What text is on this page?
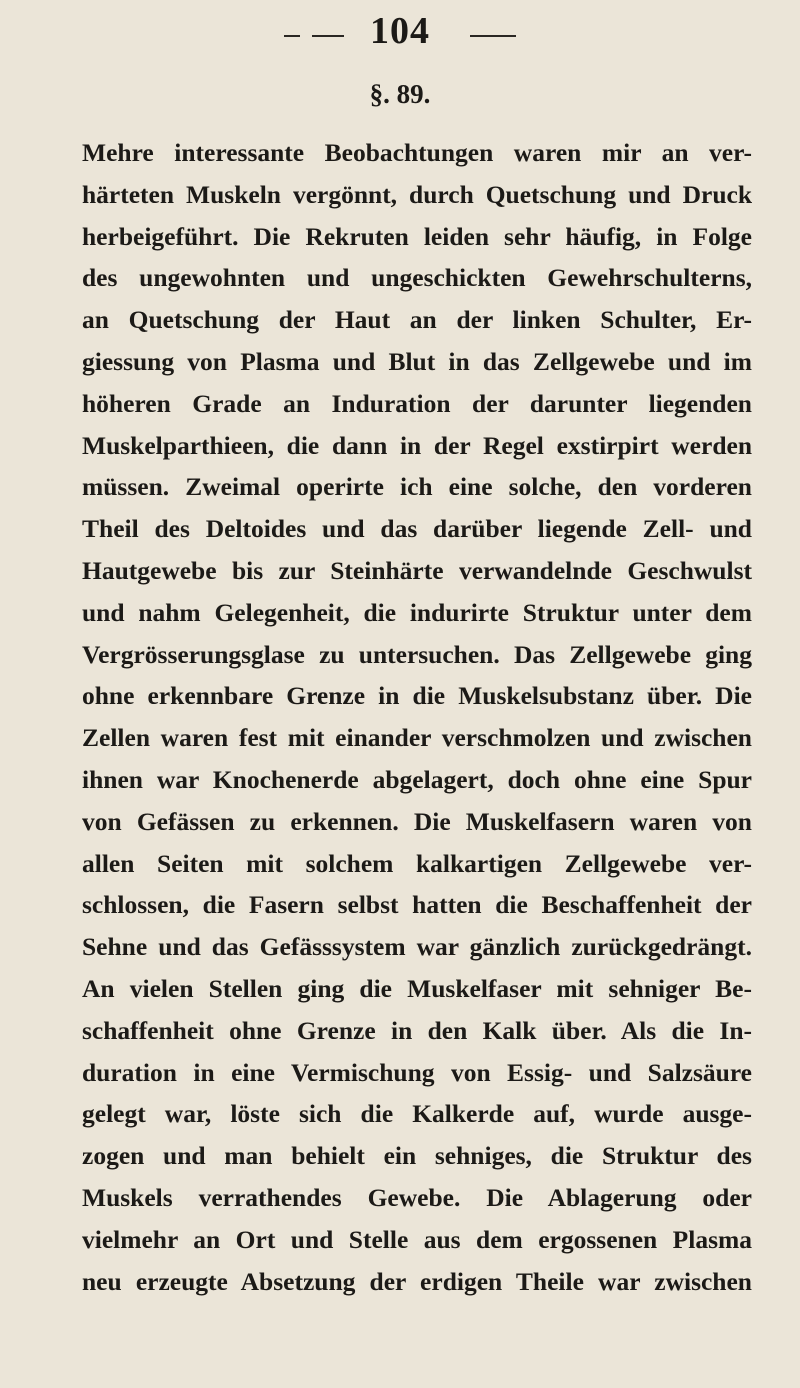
104
§. 89.
Mehre interessante Beobachtungen waren mir an ver-
härteten Muskeln vergönnt, durch Quetschung und Druck
herbeigeführt. Die Rekruten leiden sehr häufig, in Folge
des ungewohnten und ungeschickten Gewehrschulterns,
an Quetschung der Haut an der linken Schulter, Er-
giessung von Plasma und Blut in das Zellgewebe und im
höheren Grade an Induration der darunter liegenden
Muskelparthieen, die dann in der Regel exstirpirt werden
müssen. Zweimal operirte ich eine solche, den vorderen
Theil des Deltoides und das darüber liegende Zell- und
Hautgewebe bis zur Steinhärte verwandelnde Geschwulst
und nahm Gelegenheit, die indurirte Struktur unter dem
Vergrösserungsglase zu untersuchen. Das Zellgewebe ging
ohne erkennbare Grenze in die Muskelsubstanz über. Die
Zellen waren fest mit einander verschmolzen und zwischen
ihnen war Knochenerde abgelagert, doch ohne eine Spur
von Gefässen zu erkennen. Die Muskelfasern waren von
allen Seiten mit solchem kalkartigen Zellgewebe ver-
schlossen, die Fasern selbst hatten die Beschaffenheit der
Sehne und das Gefässsystem war gänzlich zurückgedrängt.
An vielen Stellen ging die Muskelfaser mit sehniger Be-
schaffenheit ohne Grenze in den Kalk über. Als die In-
duration in eine Vermischung von Essig- und Salzsäure
gelegt war, löste sich die Kalkerde auf, wurde ausge-
zogen und man behielt ein sehniges, die Struktur des
Muskels verrathendes Gewebe. Die Ablagerung oder
vielmehr an Ort und Stelle aus dem ergossenen Plasma
neu erzeugte Absetzung der erdigen Theile war zwischen
